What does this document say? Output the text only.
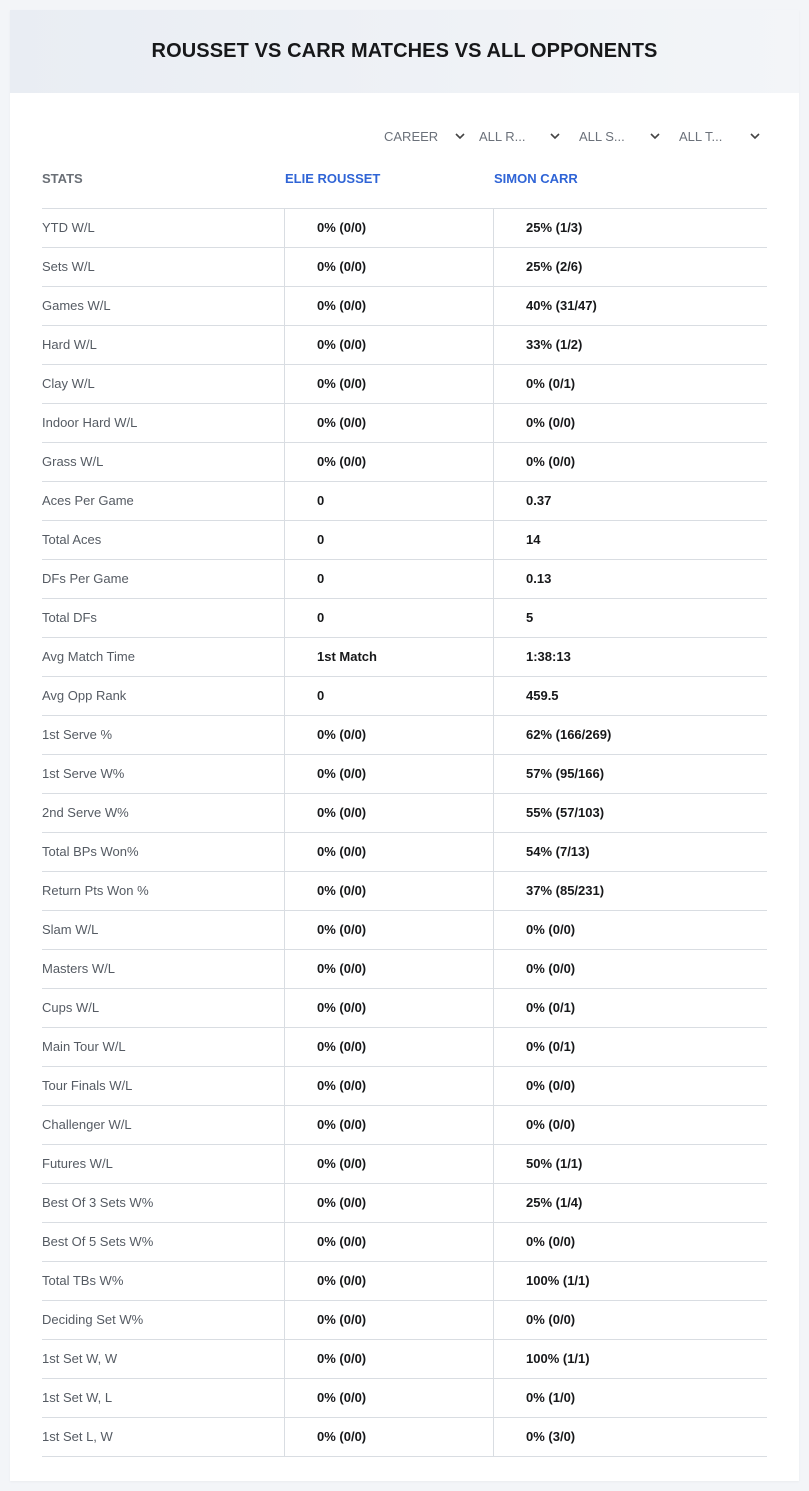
ROUSSET VS CARR MATCHES VS ALL OPPONENTS
CAREER	ALL R...	ALL S...	ALL T...
STATS	ELIE ROUSSET	SIMON CARR
YTD W/L	0% (0/0)	25% (1/3)
Sets W/L	0% (0/0)	25% (2/6)
Games W/L	0% (0/0)	40% (31/47)
Hard W/L	0% (0/0)	33% (1/2)
Clay W/L	0% (0/0)	0% (0/1)
Indoor Hard W/L	0% (0/0)	0% (0/0)
Grass W/L	0% (0/0)	0% (0/0)
Aces Per Game	0	0.37
Total Aces	0	14
DFs Per Game	0	0.13
Total DFs	0	5
Avg Match Time	1st Match	1:38:13
Avg Opp Rank	0	459.5
1st Serve %	0% (0/0)	62% (166/269)
1st Serve W%	0% (0/0)	57% (95/166)
2nd Serve W%	0% (0/0)	55% (57/103)
Total BPs Won%	0% (0/0)	54% (7/13)
Return Pts Won %	0% (0/0)	37% (85/231)
Slam W/L	0% (0/0)	0% (0/0)
Masters W/L	0% (0/0)	0% (0/0)
Cups W/L	0% (0/0)	0% (0/1)
Main Tour W/L	0% (0/0)	0% (0/1)
Tour Finals W/L	0% (0/0)	0% (0/0)
Challenger W/L	0% (0/0)	0% (0/0)
Futures W/L	0% (0/0)	50% (1/1)
Best Of 3 Sets W%	0% (0/0)	25% (1/4)
Best Of 5 Sets W%	0% (0/0)	0% (0/0)
Total TBs W%	0% (0/0)	100% (1/1)
Deciding Set W%	0% (0/0)	0% (0/0)
1st Set W, W	0% (0/0)	100% (1/1)
1st Set W, L	0% (0/0)	0% (1/0)
1st Set L, W	0% (0/0)	0% (3/0)
